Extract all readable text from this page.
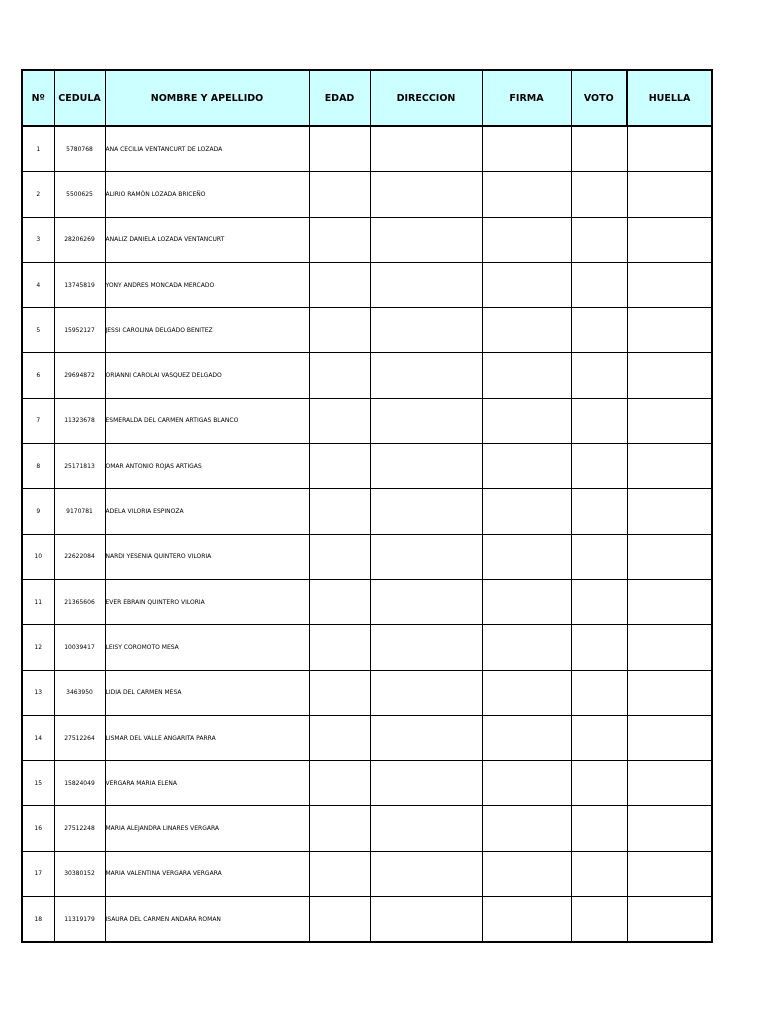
Nº	CEDULA	NOMBRE Y APELLIDO	EDAD	DIRECCION	FIRMA	VOTO	HUELLA
1	5780768	ANA CECILIA VENTANCURT DE LOZADA					
2	5500625	ALIRIO RAMÓN LOZADA BRICEÑO					
3	28206269	ANALIZ DANIELA LOZADA VENTANCURT					
4	13745819	YONY ANDRES MONCADA MERCADO					
5	15952127	JESSI CAROLINA DELGADO BENITEZ					
6	29694872	ORIANNI CAROLAI VASQUEZ DELGADO					
7	11323678	ESMERALDA DEL CARMEN ARTIGAS BLANCO					
8	25171813	OMAR ANTONIO ROJAS ARTIGAS					
9	9170781	ADELA VILORIA ESPINOZA					
10	22622084	NARDI YESENIA QUINTERO VILORIA					
11	21365606	EVER EBRAIN QUINTERO VILORIA					
12	10039417	LEISY COROMOTO MESA					
13	3463950	LIDIA DEL CARMEN MESA					
14	27512264	LISMAR DEL VALLE ANGARITA PARRA					
15	15824049	VERGARA MARIA ELENA					
16	27512248	MARIA ALEJANDRA LINARES VERGARA					
17	30380152	MARIA VALENTINA VERGARA VERGARA					
18	11319179	ISAURA DEL CARMEN ANDARA ROMAN					
